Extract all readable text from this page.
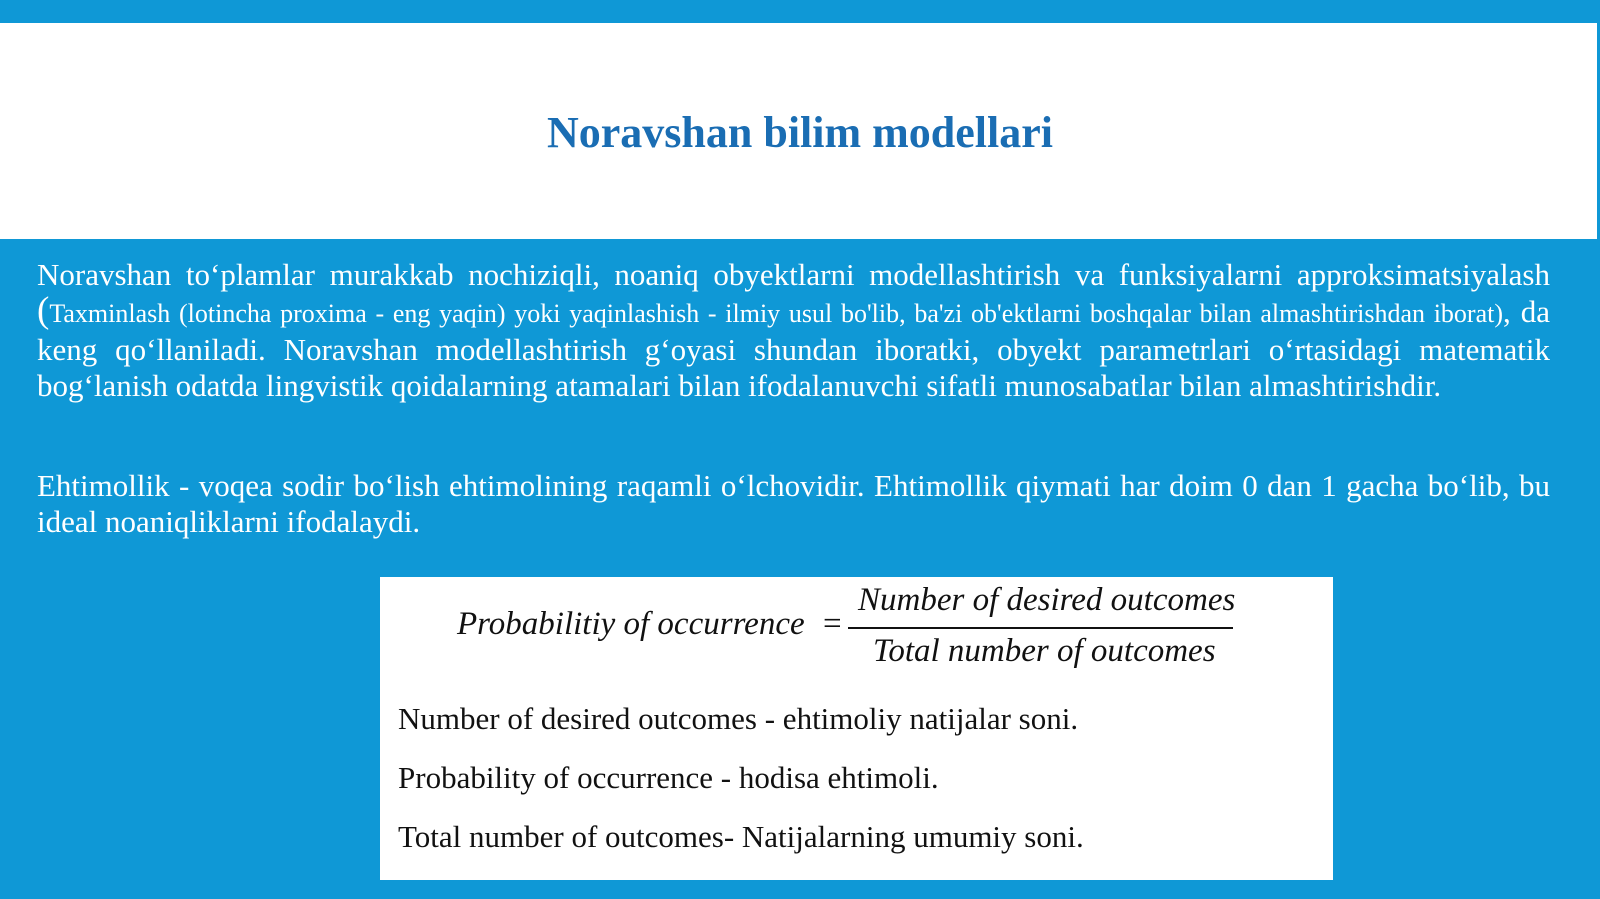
Noravshan bilim modellari

Noravshan to‘plamlar murakkab nochiziqli, noaniq obyektlarni modellashtirish va funksiyalarni approksimatsiyalash (Taxminlash (lotincha proxima - eng yaqin) yoki yaqinlashish - ilmiy usul bo'lib, ba'zi ob'ektlarni boshqalar bilan almashtirishdan iborat), da keng qo‘llaniladi. Noravshan modellashtirish g‘oyasi shundan iboratki, obyekt parametrlari o‘rtasidagi matematik bog‘lanish odatda lingvistik qoidalarning atamalari bilan ifodalanuvchi sifatli munosabatlar bilan almashtirishdir.

Ehtimollik - voqea sodir bo‘lish ehtimolining raqamli o‘lchovidir. Ehtimollik qiymati har doim 0 dan 1 gacha bo‘lib, bu ideal noaniqliklarni ifodalaydi.

Probabilitiy of occurrence =
Number of desired outcomes
Total number of outcomes

Number of desired outcomes - ehtimoliy natijalar soni.

Probability of occurrence - hodisa ehtimoli.

Total number of outcomes- Natijalarning umumiy soni.
